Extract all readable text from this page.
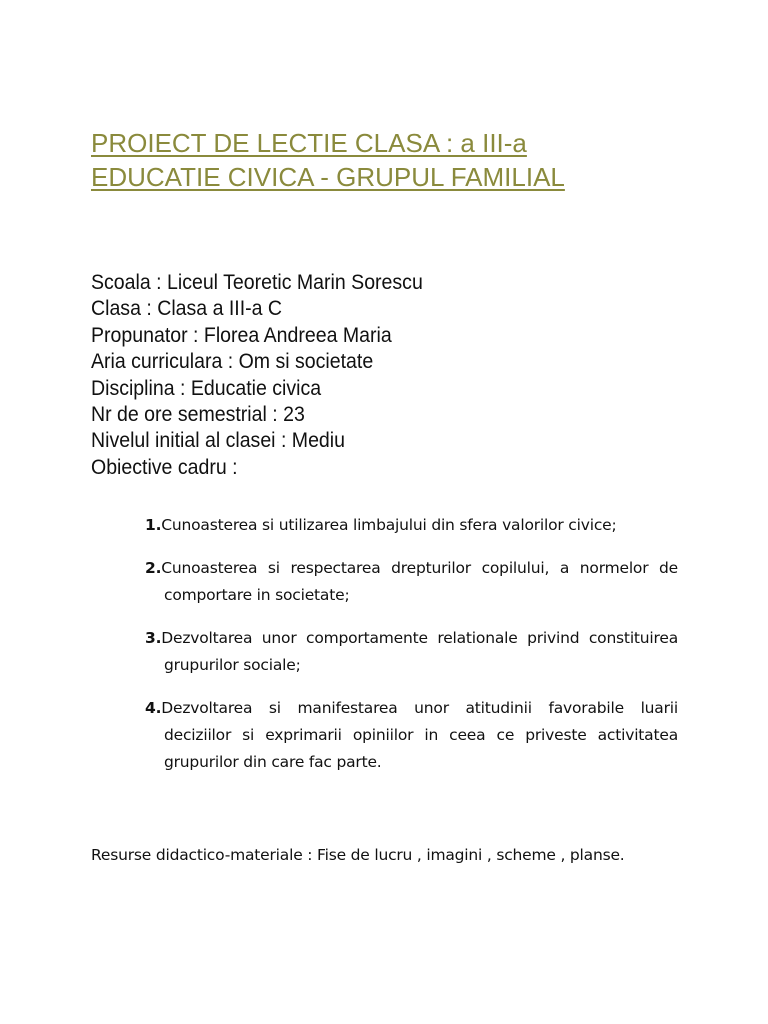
PROIECT DE LECTIE CLASA : a III-a
EDUCATIE CIVICA - GRUPUL FAMILIAL
Scoala : Liceul Teoretic Marin Sorescu
Clasa : Clasa a III-a C
Propunator : Florea Andreea Maria
Aria curriculara : Om si societate
Disciplina : Educatie civica
Nr de ore semestrial : 23
Nivelul initial al clasei : Mediu
Obiective cadru :

1.Cunoasterea si utilizarea limbajului din sfera valorilor civice;

2.Cunoasterea si respectarea drepturilor copilului, a normelor de comportare in societate;

3.Dezvoltarea unor comportamente relationale privind constituirea grupurilor sociale;

4.Dezvoltarea si manifestarea unor atitudinii favorabile luarii deciziilor si exprimarii opiniilor in ceea ce priveste activitatea grupurilor din care fac parte.

Resurse didactico-materiale : Fise de lucru , imagini , scheme , planse.
